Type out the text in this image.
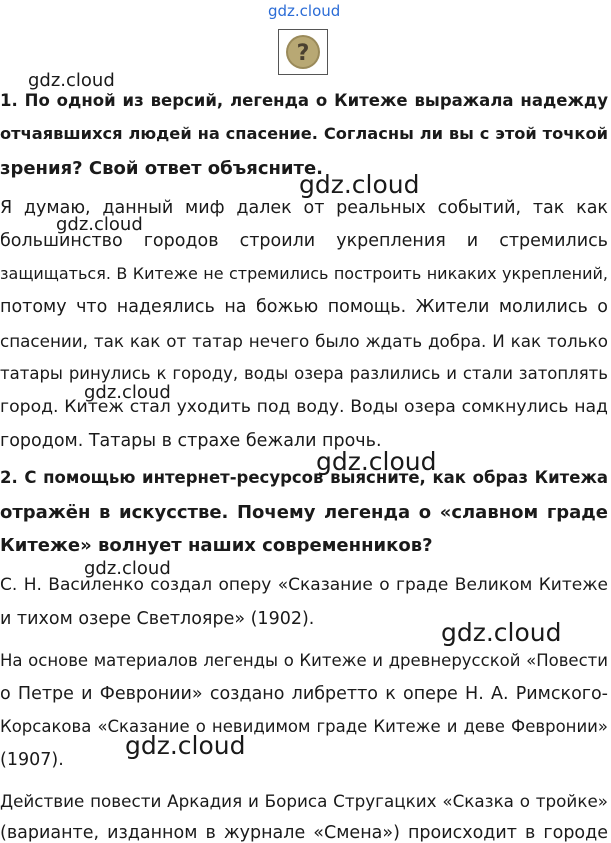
gdz.cloud
gdz.cloud
gdz.cloud
gdz.cloud
gdz.cloud
gdz.cloud
gdz.cloud
gdz.cloud
gdz.cloud
?
1. По одной из версий, легенда о Китеже выражала надежду
отчаявшихся людей на спасение. Согласны ли вы с этой точкой
зрения? Свой ответ объясните.
Я думаю, данный миф далек от реальных событий, так как
большинство городов строили укрепления и стремились
защищаться. В Китеже не стремились построить никаких укреплений,
потому что надеялись на божью помощь. Жители молились о
спасении, так как от татар нечего было ждать добра. И как только
татары ринулись к городу, воды озера разлились и стали затоплять
город. Китеж стал уходить под воду. Воды озера сомкнулись над
городом. Татары в страхе бежали прочь.
2. С помощью интернет-ресурсов выясните, как образ Китежа
отражён в искусстве. Почему легенда о «славном граде
Китеже» волнует наших современников?
С. Н. Василенко создал оперу «Сказание о граде Великом Китеже
и тихом озере Светлояре» (1902).
На основе материалов легенды о Китеже и древнерусской «Повести
о Петре и Февронии» создано либретто к опере Н. А. Римского-
Корсакова «Сказание о невидимом граде Китеже и деве Февронии»
(1907).
Действие повести Аркадия и Бориса Стругацких «Сказка о тройке»
(варианте, изданном в журнале «Смена») происходит в городе
